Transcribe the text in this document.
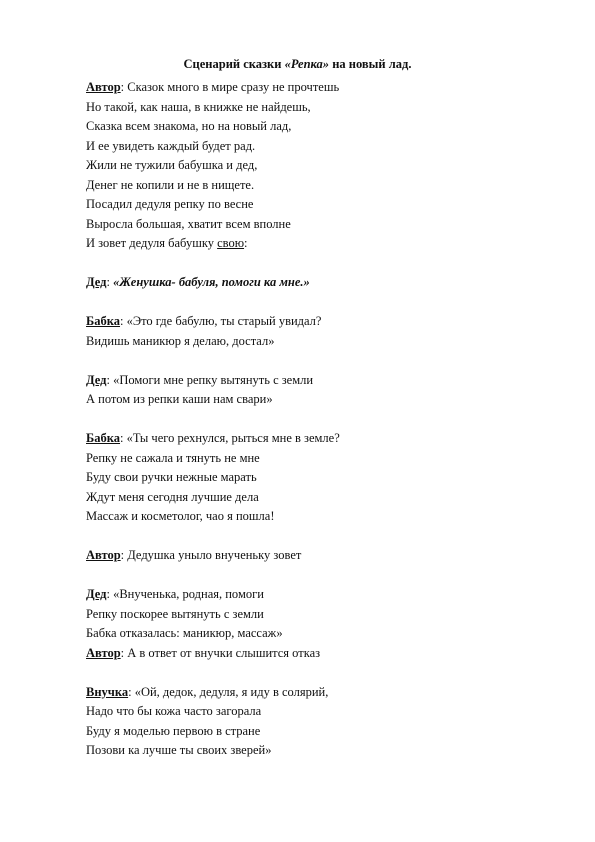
Сценарий сказки «Репка» на новый лад.
Автор: Сказок много в мире сразу не прочтешь
Но такой, как наша, в книжке не найдешь,
Сказка всем знакома, но на новый лад,
И ее увидеть каждый будет рад.
Жили не тужили бабушка и дед,
Денег не копили и не в нищете.
Посадил дедуля репку по весне
Выросла большая, хватит всем вполне
И зовет дедуля бабушку свою:
Дед: «Женушка- бабуля, помоги ка мне.»
Бабка: «Это где бабулю, ты старый увидал?
Видишь маникюр я делаю, достал»
Дед: «Помоги мне репку вытянуть с земли
А потом из репки каши нам свари»
Бабка: «Ты чего рехнулся, рыться мне в земле?
Репку не сажала и тянуть не мне
Буду свои ручки нежные марать
Ждут меня сегодня лучшие дела
Массаж и косметолог, чао я пошла!
Автор: Дедушка уныло внученьку зовет
Дед: «Внученька, родная, помоги
Репку поскорее вытянуть с земли
Бабка отказалась: маникюр, массаж»
Автор: А в ответ от внучки слышится отказ
Внучка: «Ой, дедок, дедуля, я иду в солярий,
Надо что бы кожа часто загорала
Буду я моделью первою в стране
Позови ка лучше ты своих зверей»
